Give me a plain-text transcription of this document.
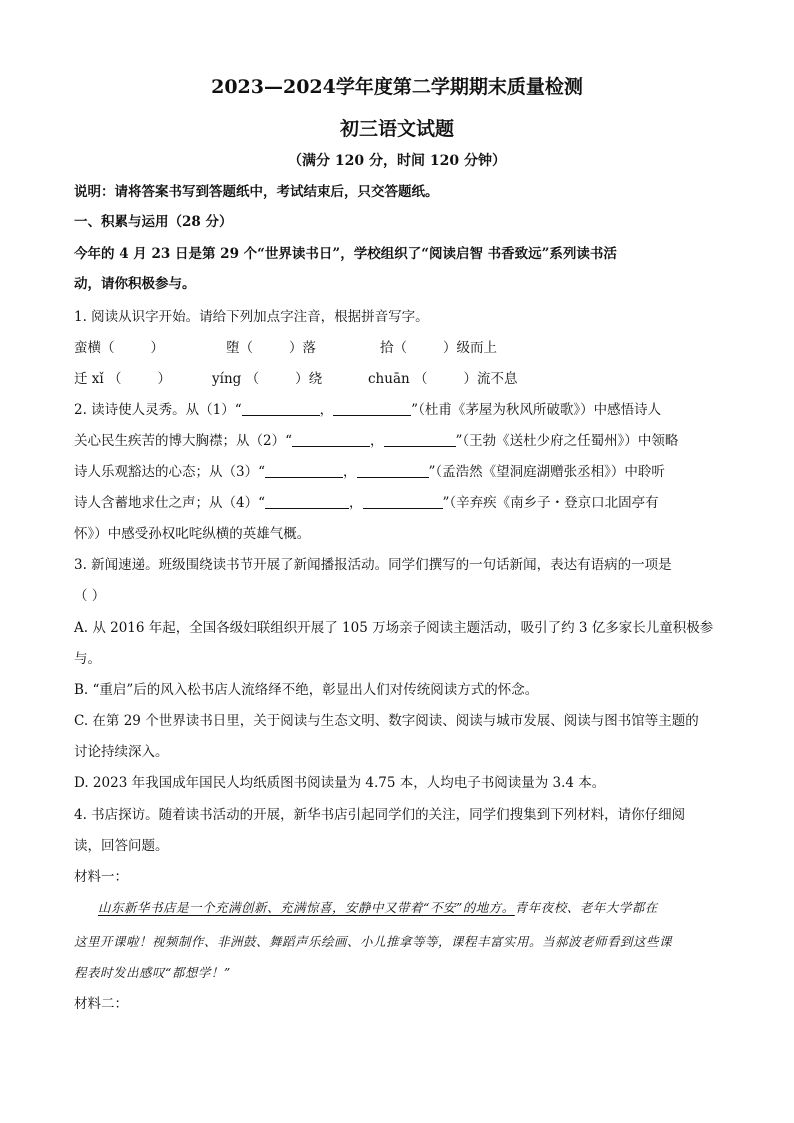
2023—2024学年度第二学期期末质量检测
初三语文试题
（满分 120 分，时间 120 分钟）
说明：请将答案书写到答题纸中，考试结束后，只交答题纸。
一、积累与运用（28 分）
今年的 4 月 23 日是第 29 个“世界读书日”，学校组织了“阅读启智 书香致远”系列读书活
动，请你积极参与。
1. 阅读从识字开始。请给下列加点字注音，根据拼音写字。
蛮横（	）	堕（	）落	拾（	）级而上
迁 xǐ （	）	yíng （	）绕	chuān （	）流不息
2. 读诗使人灵秀。从（1）“	，	”（杜甫《茅屋为秋风所破歌》）中感悟诗人
关心民生疾苦的博大胸襟；从（2）“	，	”（王勃《送杜少府之任蜀州》）中领略
诗人乐观豁达的心态；从（3）“	，	”（孟浩然《望洞庭湖赠张丞相》）中聆听
诗人含蓄地求仕之声；从（4）“	，	”（辛弃疾《南乡子・登京口北固亭有
怀》）中感受孙权叱咤纵横的英雄气概。
3. 新闻速递。班级围绕读书节开展了新闻播报活动。同学们撰写的一句话新闻，表达有语病的一项是
（ ）
A. 从 2016 年起，全国各级妇联组织开展了 105 万场亲子阅读主题活动，吸引了约 3 亿多家长儿童积极参
与。
B. “重启”后的风入松书店人流络绎不绝，彰显出人们对传统阅读方式的怀念。
C. 在第 29 个世界读书日里，关于阅读与生态文明、数字阅读、阅读与城市发展、阅读与图书馆等主题的
讨论持续深入。
D. 2023 年我国成年国民人均纸质图书阅读量为 4.75 本，人均电子书阅读量为 3.4 本。
4. 书店探访。随着读书活动的开展，新华书店引起同学们的关注，同学们搜集到下列材料，请你仔细阅
读，回答问题。
材料一：
山东新华书店是一个充满创新、充满惊喜，安静中又带着“不安”的地方。青年夜校、老年大学都在
这里开课啦！视频制作、非洲鼓、舞蹈声乐绘画、小儿推拿等等，课程丰富实用。当郝波老师看到这些课
程表时发出感叹“都想学！”
材料二：
